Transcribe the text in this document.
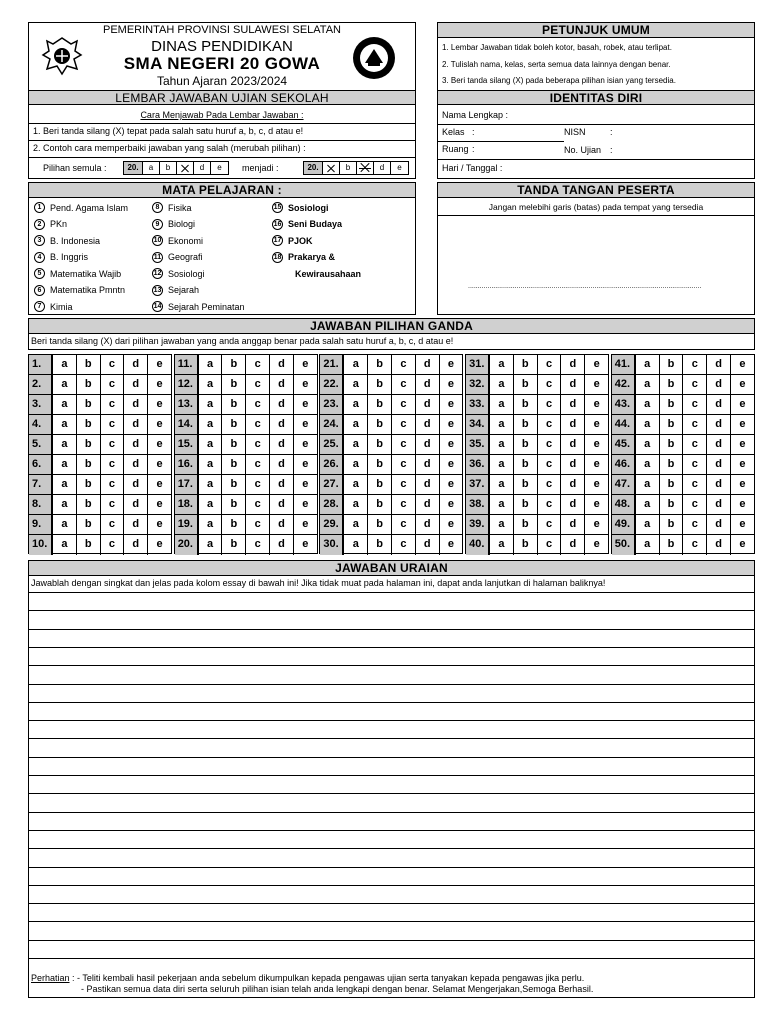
PEMERINTAH PROVINSI SULAWESI SELATAN
DINAS PENDIDIKAN
SMA NEGERI 20 GOWA
Tahun Ajaran 2023/2024
LEMBAR JAWABAN UJIAN SEKOLAH
Cara Menjawab Pada Lembar Jawaban :
1. Beri tanda silang (X) tepat pada salah satu huruf a, b, c, d atau e!
2. Contoh cara memperbaiki jawaban yang salah (merubah pilihan) :
Pilihan semula :	20.	a	b	d	e	menjadi :	20.	b	d	e
PETUNJUK UMUM
1. Lembar Jawaban tidak boleh kotor, basah, robek, atau terlipat.
2. Tulislah nama, kelas, serta semua data lainnya dengan benar.
3. Beri tanda silang (X) pada beberapa pilihan isian yang tersedia.
IDENTITAS DIRI
Nama Lengkap :
Kelas :	NISN	:
Ruang :	No. Ujian :
Hari / Tanggal :
MATA PELAJARAN :
1 Pend. Agama Islam
2 PKn
3 B. Indonesia
4 B. Inggris
5 Matematika Wajib
6 Matematika Pmntn
7 Kimia
8 Fisika
9 Biologi
10 Ekonomi
11 Geografi
12 Sosiologi
13 Sejarah
14 Sejarah Peminatan
15 Sosiologi
16 Seni Budaya
17 PJOK
18 Prakarya &
Kewirausahaan
TANDA TANGAN PESERTA
Jangan melebihi garis (batas) pada tempat yang tersedia
........................................................................................................................
JAWABAN PILIHAN GANDA
Beri tanda silang (X) dari pilihan jawaban yang anda anggap benar pada salah satu huruf a, b, c, d atau e!
1.	a	b	c	d	e
2.	a	b	c	d	e
3.	a	b	c	d	e
4.	a	b	c	d	e
5.	a	b	c	d	e
6.	a	b	c	d	e
7.	a	b	c	d	e
8.	a	b	c	d	e
9.	a	b	c	d	e
10.	a	b	c	d	e
11.	a	b	c	d	e
12.	a	b	c	d	e
13.	a	b	c	d	e
14.	a	b	c	d	e
15.	a	b	c	d	e
16.	a	b	c	d	e
17.	a	b	c	d	e
18.	a	b	c	d	e
19.	a	b	c	d	e
20.	a	b	c	d	e
21.	a	b	c	d	e
22.	a	b	c	d	e
23.	a	b	c	d	e
24.	a	b	c	d	e
25.	a	b	c	d	e
26.	a	b	c	d	e
27.	a	b	c	d	e
28.	a	b	c	d	e
29.	a	b	c	d	e
30.	a	b	c	d	e
31.	a	b	c	d	e
32.	a	b	c	d	e
33.	a	b	c	d	e
34.	a	b	c	d	e
35.	a	b	c	d	e
36.	a	b	c	d	e
37.	a	b	c	d	e
38.	a	b	c	d	e
39.	a	b	c	d	e
40.	a	b	c	d	e
41.	a	b	c	d	e
42.	a	b	c	d	e
43.	a	b	c	d	e
44.	a	b	c	d	e
45.	a	b	c	d	e
46.	a	b	c	d	e
47.	a	b	c	d	e
48.	a	b	c	d	e
49.	a	b	c	d	e
50.	a	b	c	d	e
JAWABAN URAIAN
Jawablah dengan singkat dan jelas pada kolom essay di bawah ini! Jika tidak muat pada halaman ini, dapat anda lanjutkan di halaman baliknya!
Perhatian : - Teliti kembali hasil pekerjaan anda sebelum dikumpulkan kepada pengawas ujian serta tanyakan kepada pengawas jika perlu.
- Pastikan semua data diri serta seluruh pilihan isian telah anda lengkapi dengan benar. Selamat Mengerjakan,Semoga Berhasil.
